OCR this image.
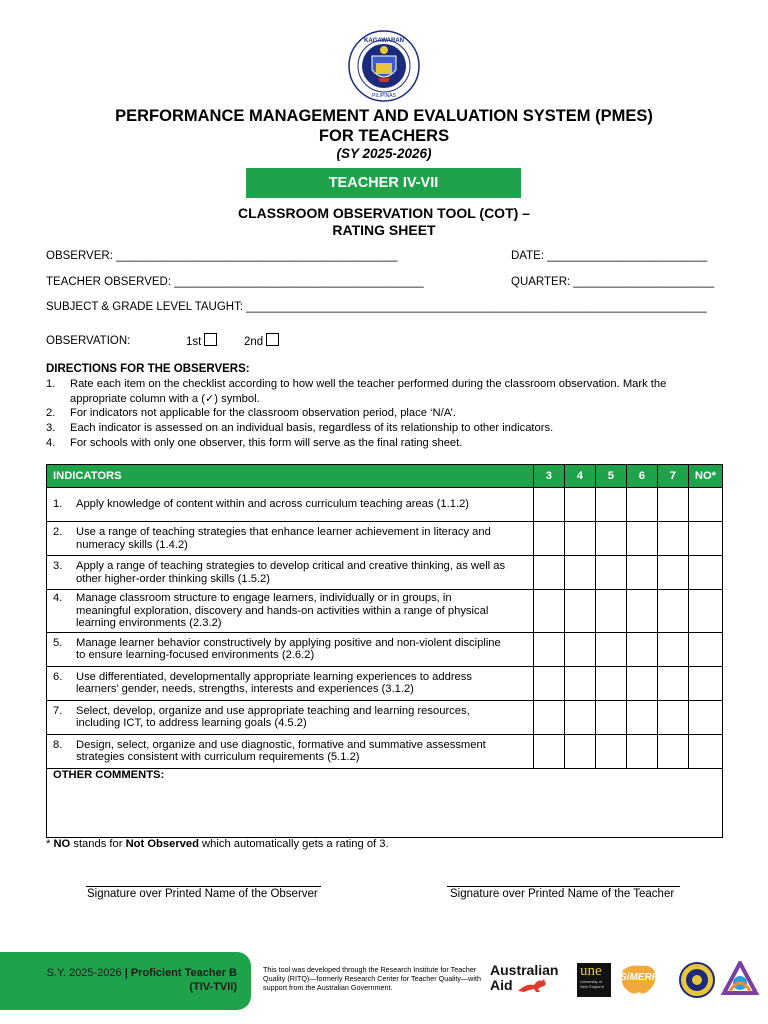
KAGAWARAN
PILIPINAS
PERFORMANCE MANAGEMENT AND EVALUATION SYSTEM (PMES)
FOR TEACHERS
(SY 2025-2026)
TEACHER IV-VII
CLASSROOM OBSERVATION TOOL (COT) –
RATING SHEET
OBSERVER: ____________________________________________	DATE: _________________________
TEACHER OBSERVED: _______________________________________	QUARTER: ______________________
SUBJECT & GRADE LEVEL TAUGHT: ________________________________________________________________________
OBSERVATION:	1st	2nd
DIRECTIONS FOR THE OBSERVERS:
1. Rate each item on the checklist according to how well the teacher performed during the classroom observation. Mark the
appropriate column with a (✓) symbol.
2. For indicators not applicable for the classroom observation period, place ‘N/A’.
3. Each indicator is assessed on an individual basis, regardless of its relationship to other indicators.
4. For schools with only one observer, this form will serve as the final rating sheet.
INDICATORS	3	4	5	6	7	NO*
1. Apply knowledge of content within and across curriculum teaching areas (1.1.2)						
2. Use a range of teaching strategies that enhance learner achievement in literacy and numeracy skills (1.4.2)						
3. Apply a range of teaching strategies to develop critical and creative thinking, as well as other higher-order thinking skills (1.5.2)						
4. Manage classroom structure to engage learners, individually or in groups, in meaningful exploration, discovery and hands-on activities within a range of physical learning environments (2.3.2)						
5. Manage learner behavior constructively by applying positive and non-violent discipline to ensure learning-focused environments (2.6.2)						
6. Use differentiated, developmentally appropriate learning experiences to address learners’ gender, needs, strengths, interests and experiences (3.1.2)						
7. Select, develop, organize and use appropriate teaching and learning resources, including ICT, to address learning goals (4.5.2)						
8. Design, select, organize and use diagnostic, formative and summative assessment strategies consistent with curriculum requirements (5.1.2)						
OTHER COMMENTS:						
* NO stands for Not Observed which automatically gets a rating of 3.
Signature over Printed Name of the Observer	Signature over Printed Name of the Teacher
S.Y. 2025-2026 | Proficient Teacher B
(TIV-TVII)
This tool was developed through the Research Institute for Teacher Quality (RITQ)—formerly Research Center for Teacher Quality—with support from the Australian Government.
Australian
Aid
une
University of New England
SiMERR
